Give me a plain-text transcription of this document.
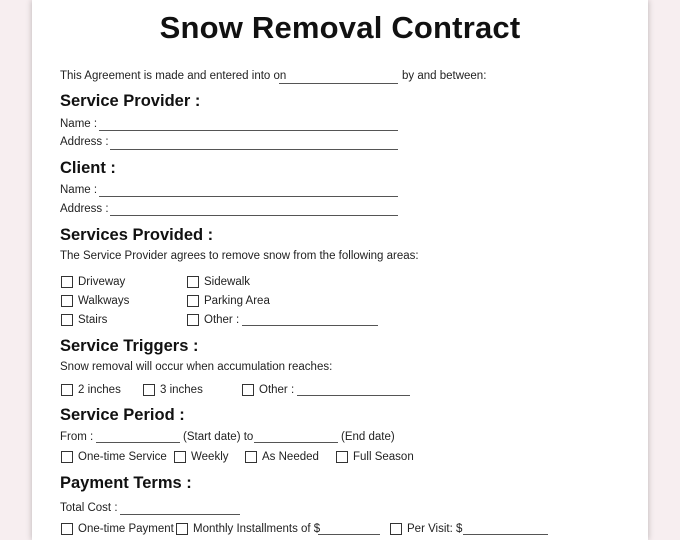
Snow Removal Contract
This Agreement is made and entered into on	by and between:
Service Provider :
Name :
Address :
Client :
Name :
Address :
Services Provided :
The Service Provider agrees to remove snow from the following areas:
Driveway	Sidewalk
Walkways	Parking Area
Stairs	Other :
Service Triggers :
Snow removal will occur when accumulation reaches:
2 inches	3 inches	Other :
Service Period :
From :	(Start date) to	(End date)
One-time Service Weekly	As Needed	Full Season
Payment Terms :
Total Cost :
One-time Payment Monthly Installments of $	Per Visit: $
